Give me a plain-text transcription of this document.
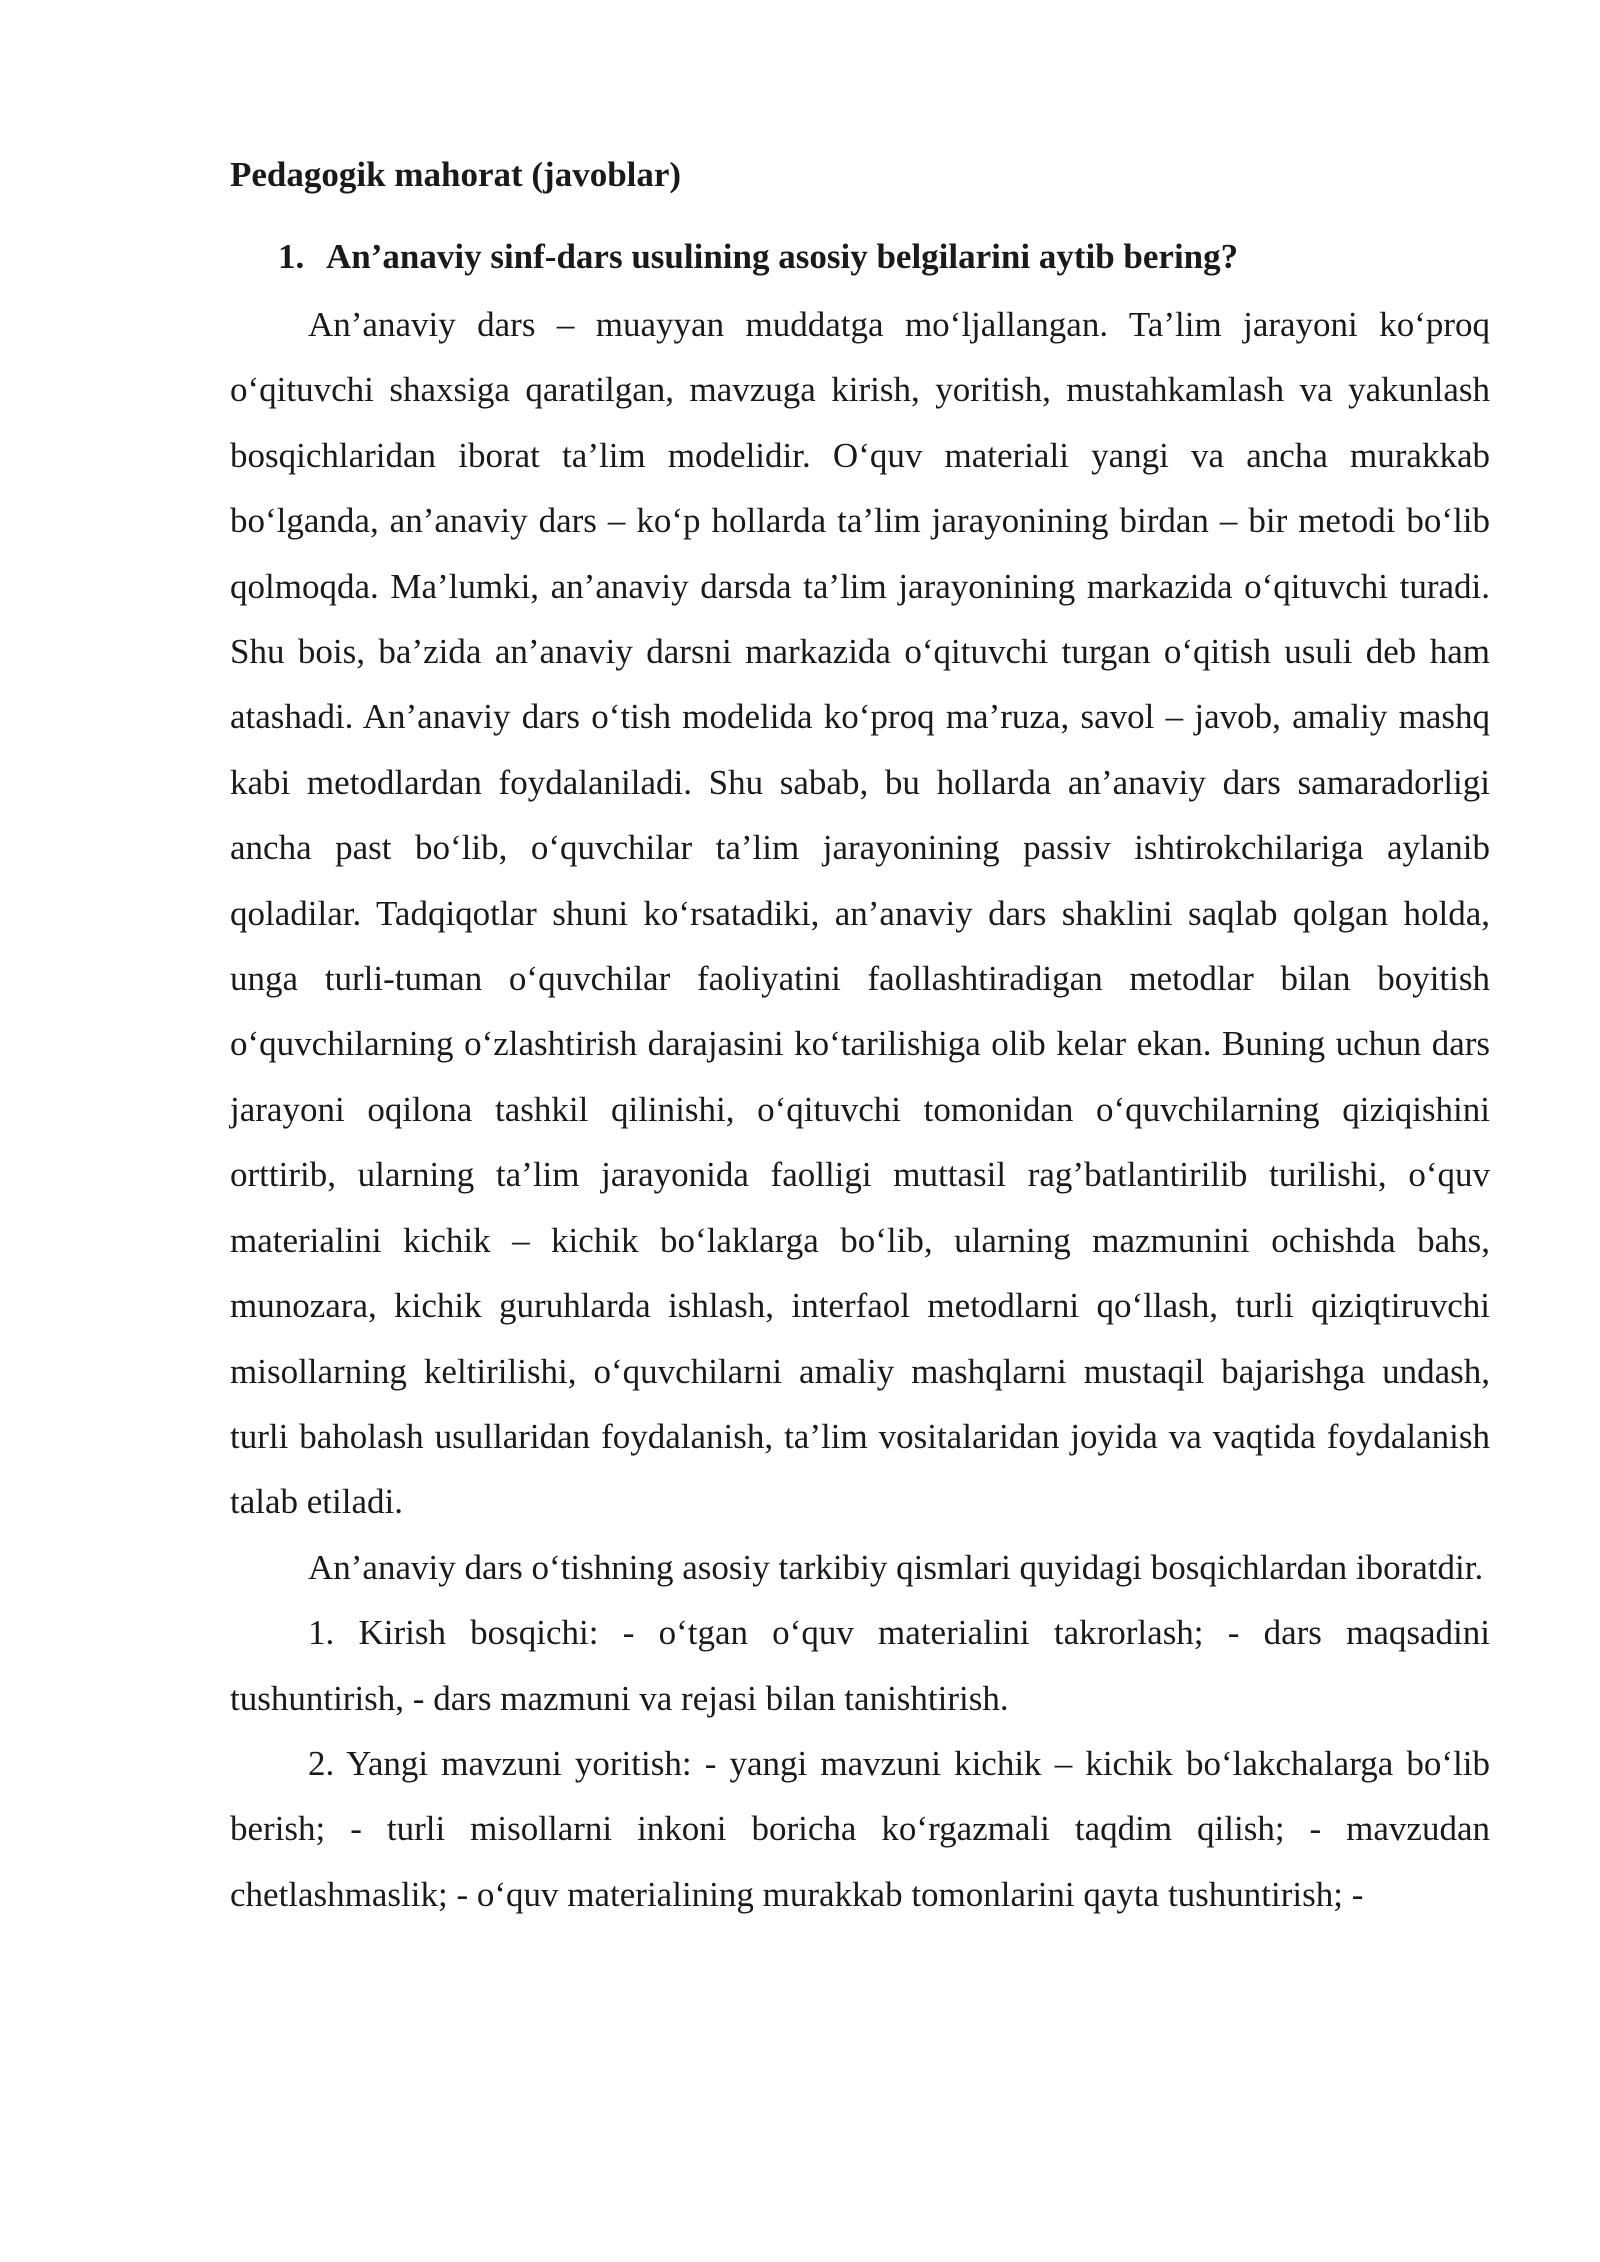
Pedagogik mahorat (javoblar)
1. An’anaviy sinf-dars usulining asosiy belgilarini aytib bering?

An’anaviy dars – muayyan muddatga mo‘ljallangan. Ta’lim jarayoni ko‘proq o‘qituvchi shaxsiga qaratilgan, mavzuga kirish, yoritish, mustahkamlash va yakunlash bosqichlaridan iborat ta’lim modelidir. O‘quv materiali yangi va ancha murakkab bo‘lganda, an’anaviy dars – ko‘p hollarda ta’lim jarayonining birdan – bir metodi bo‘lib qolmoqda. Ma’lumki, an’anaviy darsda ta’lim jarayonining markazida o‘qituvchi turadi. Shu bois, ba’zida an’anaviy darsni markazida o‘qituvchi turgan o‘qitish usuli deb ham atashadi. An’anaviy dars o‘tish modelida ko‘proq ma’ruza, savol – javob, amaliy mashq kabi metodlardan foydalaniladi. Shu sabab, bu hollarda an’anaviy dars samaradorligi ancha past bo‘lib, o‘quvchilar ta’lim jarayonining passiv ishtirokchilariga aylanib qoladilar. Tadqiqotlar shuni ko‘rsatadiki, an’anaviy dars shaklini saqlab qolgan holda, unga turli-tuman o‘quvchilar faoliyatini faollashtiradigan metodlar bilan boyitish o‘quvchilarning o‘zlashtirish darajasini ko‘tarilishiga olib kelar ekan. Buning uchun dars jarayoni oqilona tashkil qilinishi, o‘qituvchi tomonidan o‘quvchilarning qiziqishini orttirib, ularning ta’lim jarayonida faolligi muttasil rag’batlantirilib turilishi, o‘quv materialini kichik – kichik bo‘laklarga bo‘lib, ularning mazmunini ochishda bahs, munozara, kichik guruhlarda ishlash, interfaol metodlarni qo‘llash, turli qiziqtiruvchi misollarning keltirilishi, o‘quvchilarni amaliy mashqlarni mustaqil bajarishga undash, turli baholash usullaridan foydalanish, ta’lim vositalaridan joyida va vaqtida foydalanish talab etiladi.

An’anaviy dars o‘tishning asosiy tarkibiy qismlari quyidagi bosqichlardan iboratdir.

1. Kirish bosqichi: - o‘tgan o‘quv materialini takrorlash; - dars maqsadini tushuntirish, - dars mazmuni va rejasi bilan tanishtirish.

2. Yangi mavzuni yoritish: - yangi mavzuni kichik – kichik bo‘lakchalarga bo‘lib berish; - turli misollarni inkoni boricha ko‘rgazmali taqdim qilish; - mavzudan chetlashmaslik; - o‘quv materialining murakkab tomonlarini qayta tushuntirish; -
